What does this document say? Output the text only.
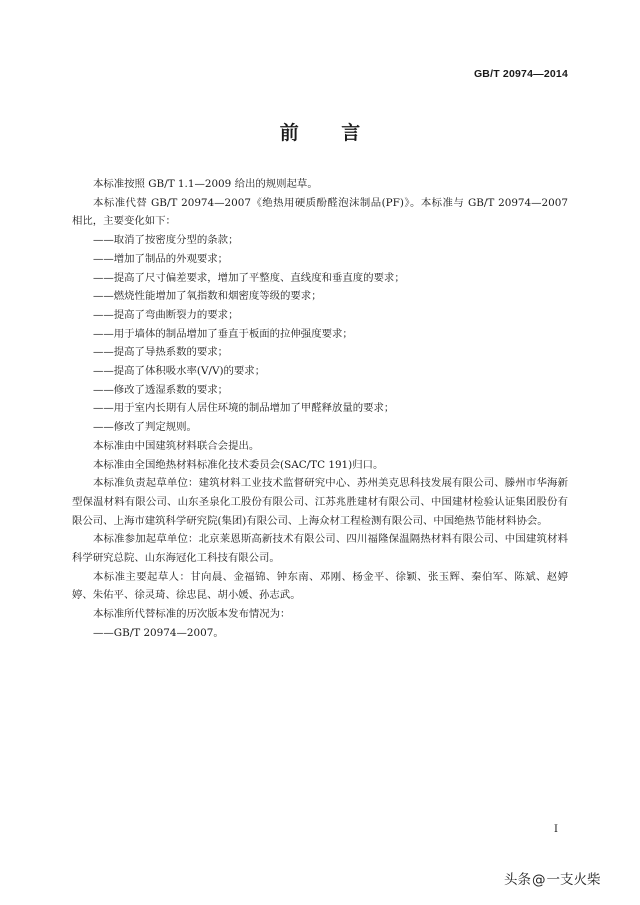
GB/T 20974—2014
前 言

本标准按照 GB/T 1.1—2009 给出的规则起草。

本标准代替 GB/T 20974—2007《绝热用硬质酚醛泡沫制品(PF)》。本标准与 GB/T 20974—2007 相比，主要变化如下：

——取消了按密度分型的条款；

——增加了制品的外观要求；

——提高了尺寸偏差要求，增加了平整度、直线度和垂直度的要求；

——燃烧性能增加了氧指数和烟密度等级的要求；

——提高了弯曲断裂力的要求；

——用于墙体的制品增加了垂直于板面的拉伸强度要求；

——提高了导热系数的要求；

——提高了体积吸水率(V/V)的要求；

——修改了透湿系数的要求；

——用于室内长期有人居住环境的制品增加了甲醛释放量的要求；

——修改了判定规则。

本标准由中国建筑材料联合会提出。

本标准由全国绝热材料标准化技术委员会(SAC/TC 191)归口。

本标准负责起草单位：建筑材料工业技术监督研究中心、苏州美克思科技发展有限公司、滕州市华海新型保温材料有限公司、山东圣泉化工股份有限公司、江苏兆胜建材有限公司、中国建材检验认证集团股份有限公司、上海市建筑科学研究院(集团)有限公司、上海众材工程检测有限公司、中国绝热节能材料协会。

本标准参加起草单位：北京莱恩斯高新技术有限公司、四川福隆保温隔热材料有限公司、中国建筑材料科学研究总院、山东海冠化工科技有限公司。

本标准主要起草人：甘向晨、金福锦、钟东南、邓刚、杨金平、徐颖、张玉辉、秦伯军、陈斌、赵婷婷、朱佑平、徐灵琦、徐忠昆、胡小媛、孙志武。

本标准所代替标准的历次版本发布情况为：

——GB/T 20974—2007。

Ⅰ
头条@一支火柴
